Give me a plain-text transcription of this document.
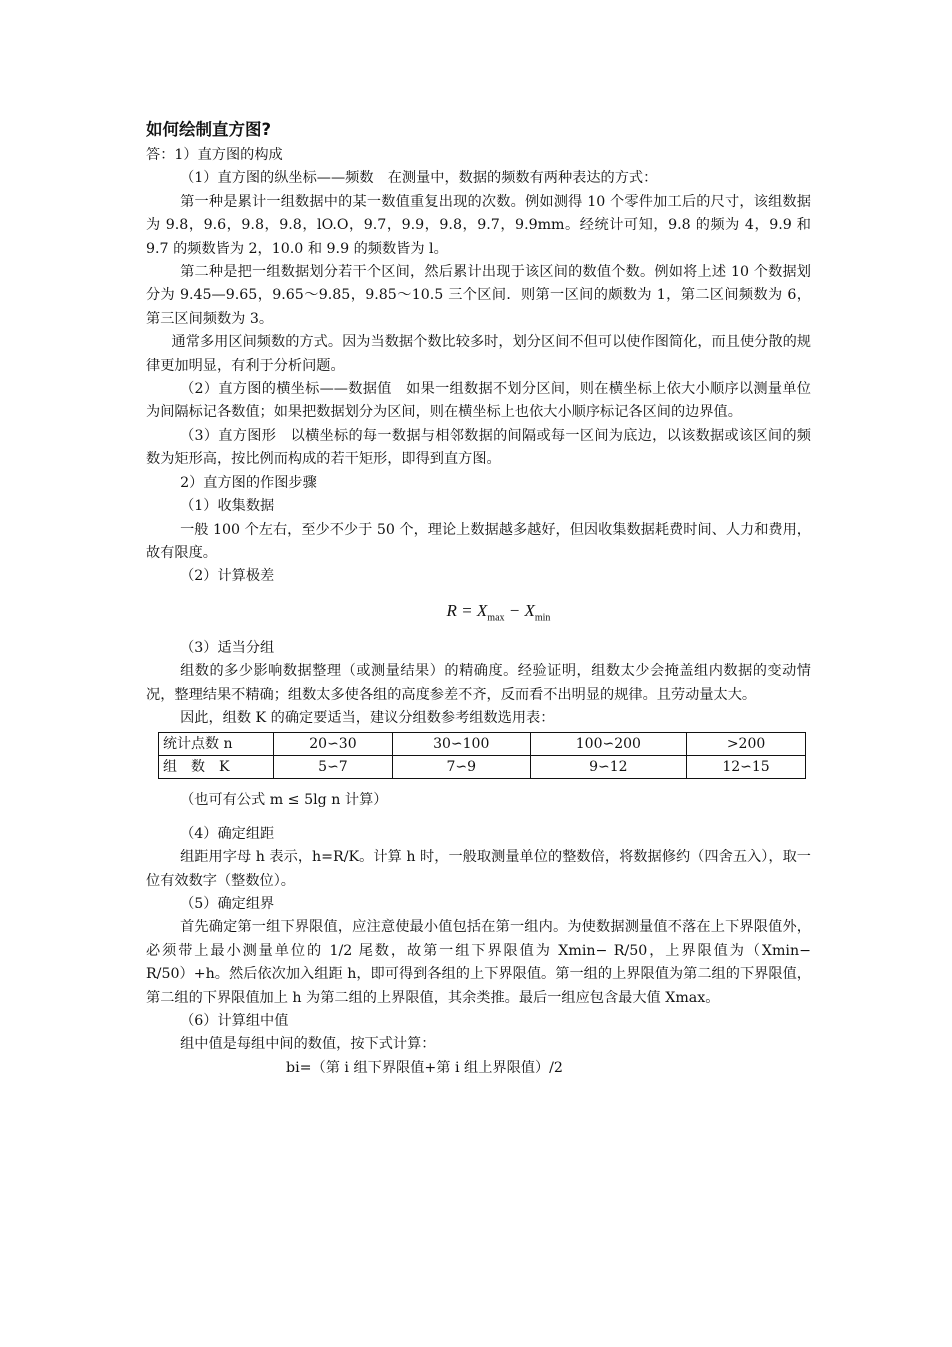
如何绘制直方图?

答：1）直方图的构成

（1）直方图的纵坐标——频数　在测量中，数据的频数有两种表达的方式：

第一种是累计一组数据中的某一数值重复出现的次数。例如测得 10 个零件加工后的尺寸，该组数据为 9.8，9.6，9.8，9.8，lO.O，9.7，9.9，9.8，9.7，9.9mm。经统计可知，9.8 的频为 4，9.9 和 9.7 的频数皆为 2，10.0 和 9.9 的频数皆为 l。

第二种是把一组数据划分若干个区间，然后累计出现于该区间的数值个数。例如将上述 10 个数据划分为 9.45—9.65，9.65～9.85，9.85～10.5 三个区间．则第一区间的颇数为 1，第二区间频数为 6，第三区间频数为 3。

通常多用区间频数的方式。因为当数据个数比较多时，划分区间不但可以使作图简化，而且使分散的规律更加明显，有利于分析问题。

（2）直方图的横坐标——数据值　如果一组数据不划分区间，则在横坐标上依大小顺序以测量单位为间隔标记各数值；如果把数据划分为区间，则在横坐标上也依大小顺序标记各区间的边界值。

（3）直方图形　以横坐标的每一数据与相邻数据的间隔或每一区间为底边，以该数据或该区间的频数为矩形高，按比例而构成的若干矩形，即得到直方图。

2）直方图的作图步骤

（1）收集数据

一般 100 个左右，至少不少于 50 个，理论上数据越多越好，但因收集数据耗费时间、人力和费用，故有限度。

（2）计算极差

$R = X_{max} - X_{min}$

（3）适当分组

组数的多少影响数据整理（或测量结果）的精确度。经验证明，组数太少会掩盖组内数据的变动情况，整理结果不精确；组数太多使各组的高度参差不齐，反而看不出明显的规律。且劳动量太大。

因此，组数 K 的确定要适当，建议分组数参考组数选用表：

统计点数 n	20∽30	30∽100	100∽200	>200
组　数　K	5∽7	7∽9	9∽12	12∽15

（也可有公式 m ≤ 5lg n 计算）

（4）确定组距

组距用字母 h 表示，h=R/K。计算 h 时，一般取测量单位的整数倍，将数据修约（四舍五入），取一位有效数字（整数位）。

（5）确定组界

首先确定第一组下界限值，应注意使最小值包括在第一组内。为使数据测量值不落在上下界限值外，必须带上最小测量单位的 1/2 尾数，故第一组下界限值为 Xmin− R/50，上界限值为（Xmin− R/50）+h。然后依次加入组距 h，即可得到各组的上下界限值。第一组的上界限值为第二组的下界限值，第二组的下界限值加上 h 为第二组的上界限值，其余类推。最后一组应包含最大值 Xmax。

（6）计算组中值

组中值是每组中间的数值，按下式计算：

bi=（第 i 组下界限值+第 i 组上界限值）/2
